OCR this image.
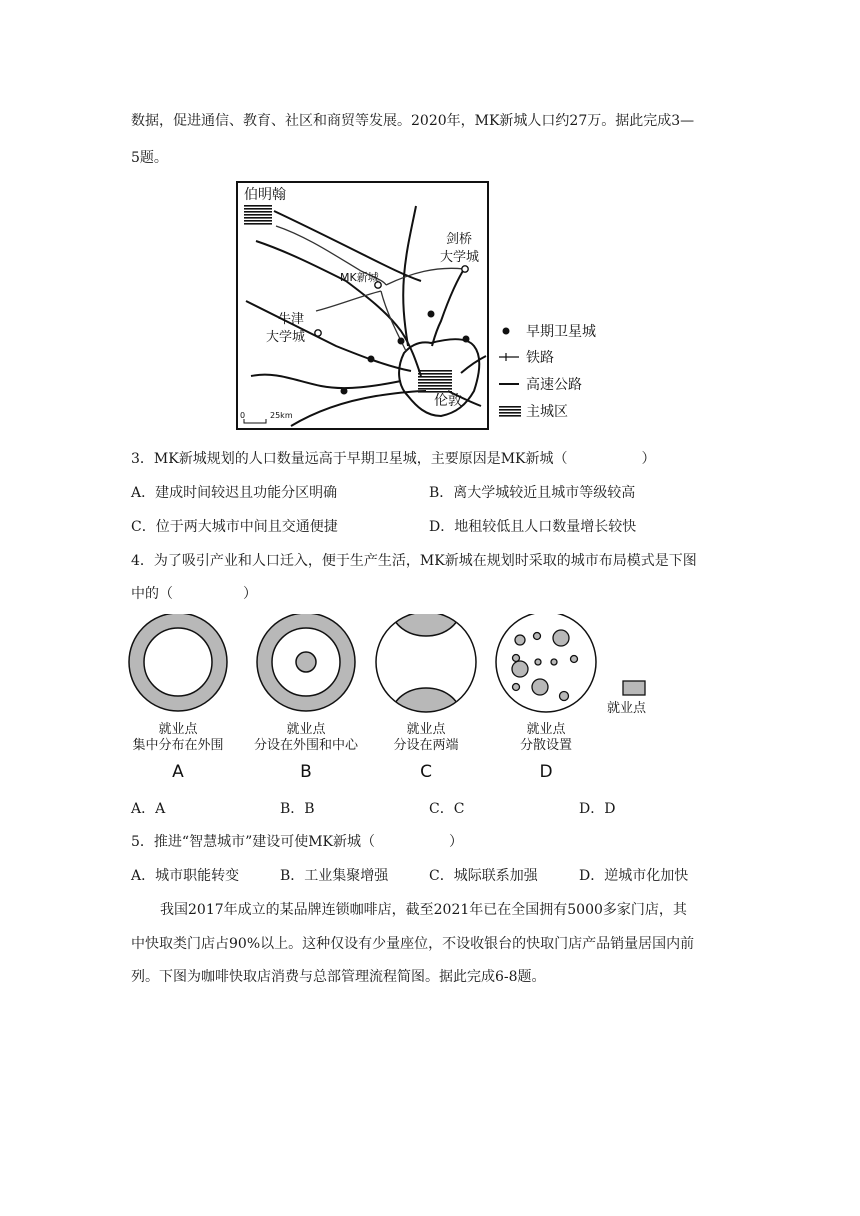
数据，促进通信、教育、社区和商贸等发展。2020年，MK新城人口约27万。据此完成3—
5题。
伯明翰
剑桥
大学城
MK新城
牛津
大学城
伦敦
0	25km
早期卫星城
铁路
高速公路
主城区
3．MK新城规划的人口数量远高于早期卫星城，主要原因是MK新城（	）
A．建成时间较迟且功能分区明确	B．离大学城较近且城市等级较高
C．位于两大城市中间且交通便捷	D．地租较低且人口数量增长较快
4．为了吸引产业和人口迁入，便于生产生活，MK新城在规划时采取的城市布局模式是下图
中的（	）
就业点
就业点
集中分布在外围
就业点
分设在外围和中心
就业点
分设在两端
就业点
分散设置
A	B	C	D
A．A	B．B	C．C	D．D
5．推进“智慧城市”建设可使MK新城（	）
A．城市职能转变	B．工业集聚增强	C．城际联系加强	D．逆城市化加快
我国2017年成立的某品牌连锁咖啡店，截至2021年已在全国拥有5000多家门店，其
中快取类门店占90%以上。这种仅设有少量座位，不设收银台的快取门店产品销量居国内前
列。下图为咖啡快取店消费与总部管理流程简图。据此完成6-8题。
